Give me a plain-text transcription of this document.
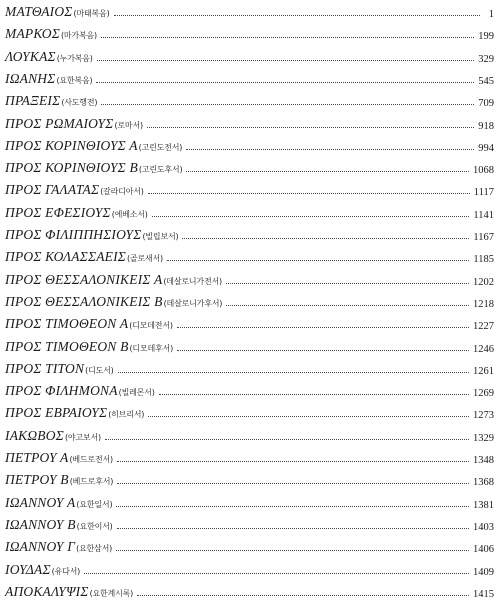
ΜΑΤΘΑΙΟΣ (마태복음)	1
ΜΑΡΚΟΣ (마가복음)	199
ΛΟΥΚΑΣ (누가복음)	329
ΙΩΑΝΗΣ (요한복음)	545
ΠΡΑΞΕΙΣ (사도행전)	709
ΠΡΟΣ ΡΩΜΑΙΟΥΣ (로마서)	918
ΠΡΟΣ ΚΟΡΙΝΘΙΟΥΣ Α (고린도전서)	994
ΠΡΟΣ ΚΟΡΙΝΘΙΟΥΣ Β (고린도후서)	1068
ΠΡΟΣ ΓΑΛΑΤΑΣ (갈라디아서)	1117
ΠΡΟΣ ΕΦΕΣΙΟΥΣ (에베소서)	1141
ΠΡΟΣ ΦΙΛΙΠΠΗΣΙΟΥΣ (빌립보서)	1167
ΠΡΟΣ ΚΟΛΑΣΣΑΕΙΣ (골로새서)	1185
ΠΡΟΣ ΘΕΣΣΑΛΟΝΙΚΕΙΣ Α (데살로니가전서)	1202
ΠΡΟΣ ΘΕΣΣΑΛΟΝΙΚΕΙΣ Β (데살로니가후서)	1218
ΠΡΟΣ ΤΙΜΟΘΕΟΝ Α (디모데전서)	1227
ΠΡΟΣ ΤΙΜΟΘΕΟΝ Β (디모데후서)	1246
ΠΡΟΣ ΤΙΤΟΝ (디도서)	1261
ΠΡΟΣ ΦΙΛΗΜΟΝΑ (빌레몬서)	1269
ΠΡΟΣ ΕΒΡΑΙΟΥΣ (히브리서)	1273
ΙΑΚΩΒΟΣ (야고보서)	1329
ΠΕΤΡΟΥ Α (베드로전서)	1348
ΠΕΤΡΟΥ Β (베드로후서)	1368
ΙΩΑΝΝΟΥ Α (요한일서)	1381
ΙΩΑΝΝΟΥ Β (요한이서)	1403
ΙΩΑΝΝΟΥ Γ (요한삼서)	1406
ΙΟΥΔΑΣ (유다서)	1409
ΑΠΟΚΑΛΥΨΙΣ (요한계시록)	1415
